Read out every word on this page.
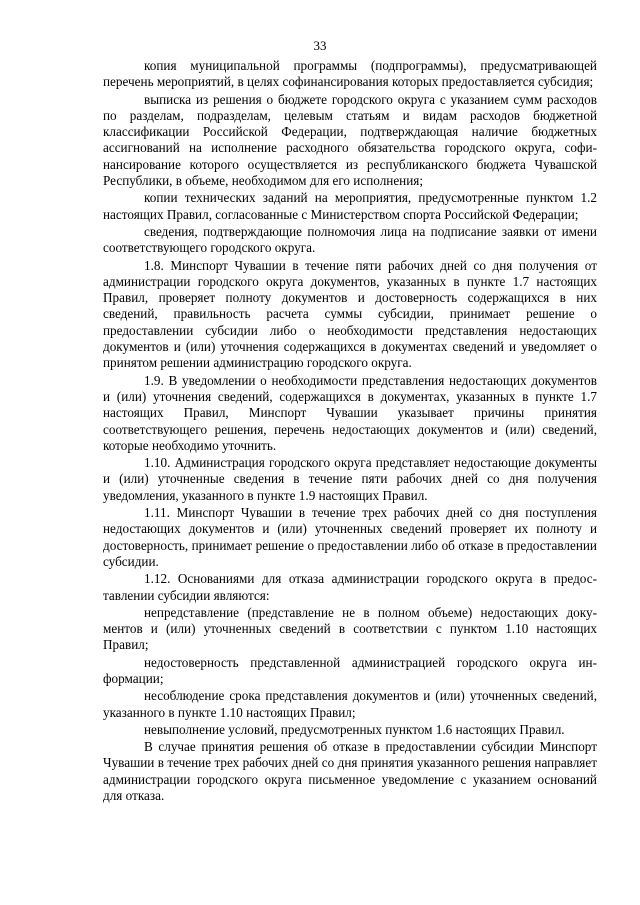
33

копия муниципальной программы (подпрограммы), предусматривающей перечень мероприятий, в целях софинансирования которых предоставляется субсидия;

выписка из решения о бюджете городского округа с указанием сумм расходов по разделам, подразделам, целевым статьям и видам расходов бюджетной классификации Российской Федерации, подтверждающая наличие бюджетных ассигнований на исполнение расходного обязательства городского округа, софинансирование которого осуществляется из республиканского бюджета Чувашской Республики, в объеме, необходимом для его исполнения;

копии технических заданий на мероприятия, предусмотренные пунктом 1.2 настоящих Правил, согласованные с Министерством спорта Российской Федерации;

сведения, подтверждающие полномочия лица на подписание заявки от имени соответствующего городского округа.

1.8. Минспорт Чувашии в течение пяти рабочих дней со дня получения от администрации городского округа документов, указанных в пункте 1.7 настоящих Правил, проверяет полноту документов и достоверность содержащихся в них сведений, правильность расчета суммы субсидии, принимает решение о предоставлении субсидии либо о необходимости представления недостающих документов и (или) уточнения содержащихся в документах сведений и уведомляет о принятом решении администрацию городского округа.

1.9. В уведомлении о необходимости представления недостающих документов и (или) уточнения сведений, содержащихся в документах, указанных в пункте 1.7 настоящих Правил, Минспорт Чувашии указывает причины принятия соответствующего решения, перечень недостающих документов и (или) сведений, которые необходимо уточнить.

1.10. Администрация городского округа представляет недостающие документы и (или) уточненные сведения в течение пяти рабочих дней со дня получения уведомления, указанного в пункте 1.9 настоящих Правил.

1.11. Минспорт Чувашии в течение трех рабочих дней со дня поступления недостающих документов и (или) уточненных сведений проверяет их полноту и достоверность, принимает решение о предоставлении либо об отказе в предоставлении субсидии.

1.12. Основаниями для отказа администрации городского округа в предоставлении субсидии являются:

непредставление (представление не в полном объеме) недостающих документов и (или) уточненных сведений в соответствии с пунктом 1.10 настоящих Правил;

недостоверность представленной администрацией городского округа информации;

несоблюдение срока представления документов и (или) уточненных сведений, указанного в пункте 1.10 настоящих Правил;

невыполнение условий, предусмотренных пунктом 1.6 настоящих Правил.

В случае принятия решения об отказе в предоставлении субсидии Минспорт Чувашии в течение трех рабочих дней со дня принятия указанного решения направляет администрации городского округа письменное уведомление с указанием оснований для отказа.
